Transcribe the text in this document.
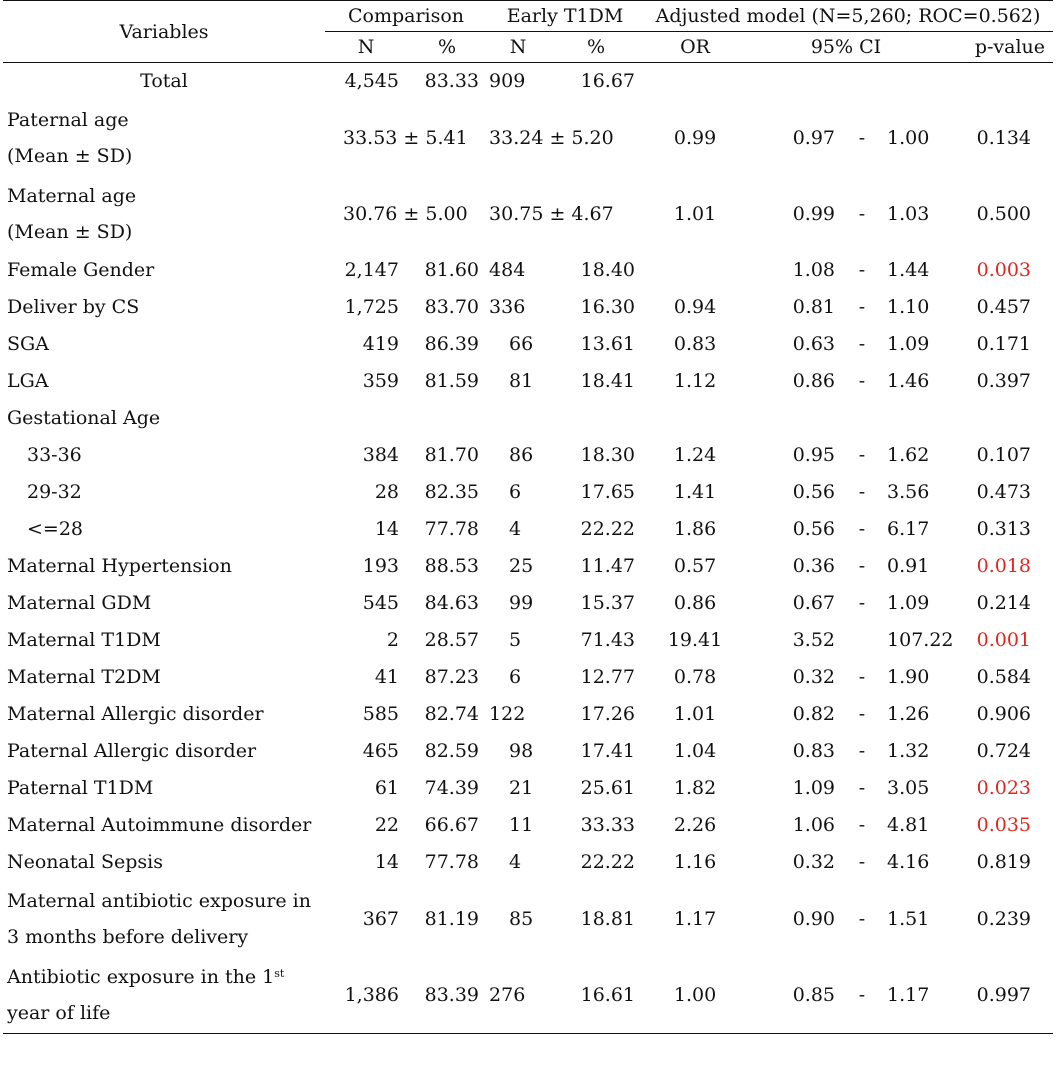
Variables	Comparison		Early T1DM		Adjusted model (N=5,260; ROC=0.562)				
	N	%	N	%	OR	95% CI			p-value
Total	4,545	83.33	909	16.67					
Paternal age
(Mean ± SD)	33.53 ± 5.41		33.24 ± 5.20		0.99	0.97	-	1.00	0.134
Maternal age
(Mean ± SD)	30.76 ± 5.00		30.75 ± 4.67		1.01	0.99	-	1.03	0.500
Female Gender	2,147	81.60	484	18.40		1.08	-	1.44	0.003
Deliver by CS	1,725	83.70	336	16.30	0.94	0.81	-	1.10	0.457
SGA	419	86.39	66	13.61	0.83	0.63	-	1.09	0.171
LGA	359	81.59	81	18.41	1.12	0.86	-	1.46	0.397
Gestational Age									
33-36	384	81.70	86	18.30	1.24	0.95	-	1.62	0.107
29-32	28	82.35	6	17.65	1.41	0.56	-	3.56	0.473
<=28	14	77.78	4	22.22	1.86	0.56	-	6.17	0.313
Maternal Hypertension	193	88.53	25	11.47	0.57	0.36	-	0.91	0.018
Maternal GDM	545	84.63	99	15.37	0.86	0.67	-	1.09	0.214
Maternal T1DM	2	28.57	5	71.43	19.41	3.52		107.22	0.001
Maternal T2DM	41	87.23	6	12.77	0.78	0.32	-	1.90	0.584
Maternal Allergic disorder	585	82.74	122	17.26	1.01	0.82	-	1.26	0.906
Paternal Allergic disorder	465	82.59	98	17.41	1.04	0.83	-	1.32	0.724
Paternal T1DM	61	74.39	21	25.61	1.82	1.09	-	3.05	0.023
Maternal Autoimmune disorder	22	66.67	11	33.33	2.26	1.06	-	4.81	0.035
Neonatal Sepsis	14	77.78	4	22.22	1.16	0.32	-	4.16	0.819
Maternal antibiotic exposure in
3 months before delivery	367	81.19	85	18.81	1.17	0.90	-	1.51	0.239
Antibiotic exposure in the 1st
year of life	1,386	83.39	276	16.61	1.00	0.85	-	1.17	0.997
